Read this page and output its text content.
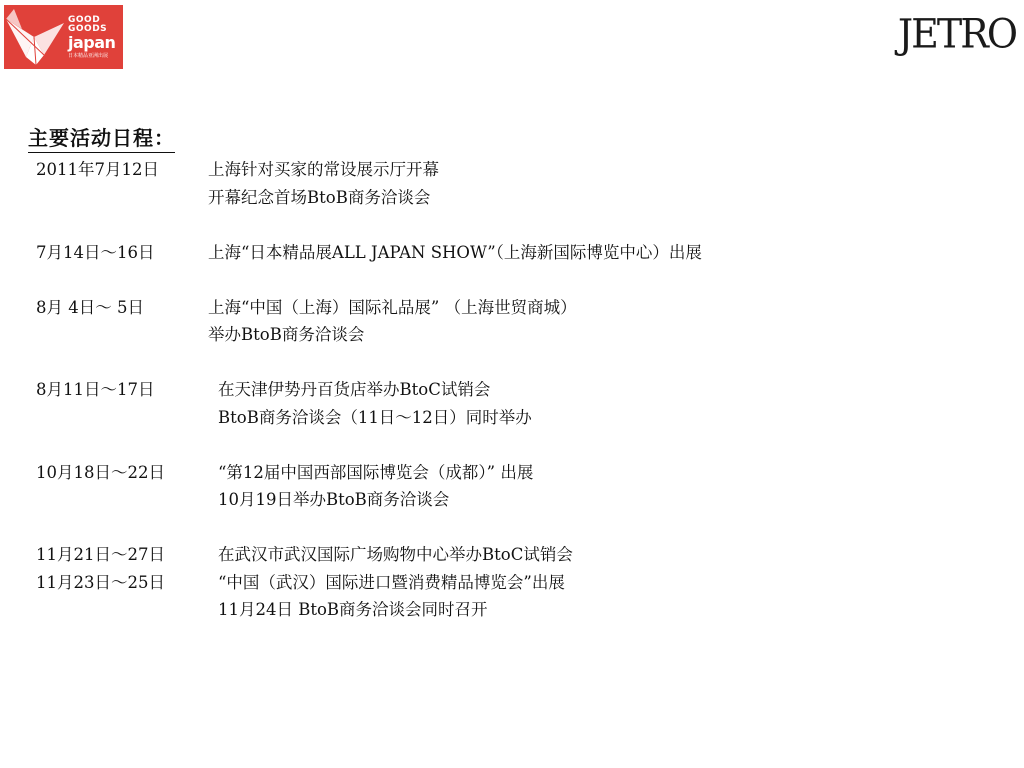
GOOD
GOODS
japan
日本精品亚洲出展	JETRO
主要活动日程：
2011年7月12日	上海针对买家的常设展示厅开幕
开幕纪念首场BtoB商务洽谈会
7月14日～16日	上海“日本精品展ALL JAPAN SHOW”（上海新国际博览中心）出展
8月 4日～ 5日	上海“中国（上海）国际礼品展” （上海世贸商城）
举办BtoB商务洽谈会
8月11日～17日	在天津伊势丹百货店举办BtoC试销会
BtoB商务洽谈会（11日～12日）同时举办
10月18日～22日	“第12届中国西部国际博览会（成都）” 出展
10月19日举办BtoB商务洽谈会
11月21日～27日	在武汉市武汉国际广场购物中心举办BtoC试销会
11月23日～25日	“中国（武汉）国际进口暨消费精品博览会”出展
11月24日 BtoB商务洽谈会同时召开
